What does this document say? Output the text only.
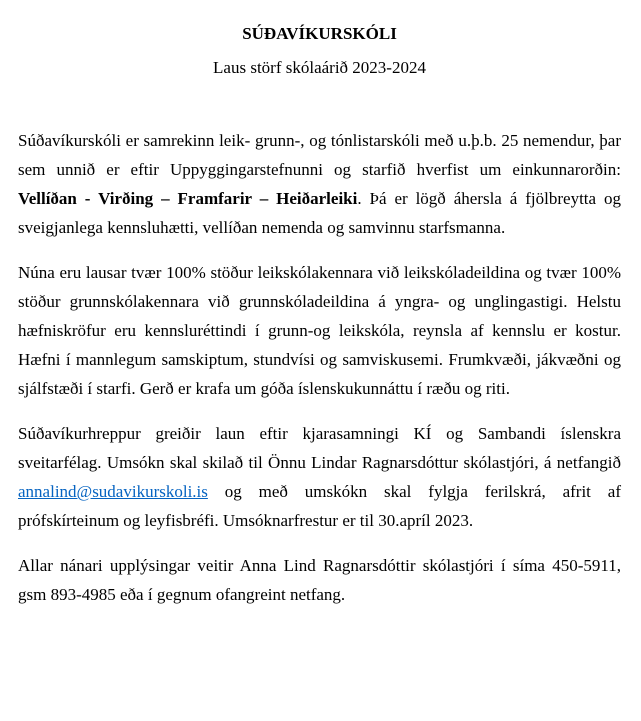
SÚÐAVÍKURSKÓLI

Laus störf skólaárið 2023-2024

Súðavíkurskóli er samrekinn leik- grunn-, og tónlistarskóli með u.þ.b. 25 nemendur, þar sem unnið er eftir Uppyggingarstefnunni og starfið hverfist um einkunnarorðin: Vellíðan - Virðing – Framfarir – Heiðarleiki. Þá er lögð áhersla á fjölbreytta og sveigjanlega kennsluhætti, vellíðan nemenda og samvinnu starfsmanna.

Núna eru lausar tvær 100% stöður leikskólakennara við leikskóladeildina og tvær 100% stöður grunnskólakennara við grunnskóladeildina á yngra- og unglingastigi. Helstu hæfniskröfur eru kennsluréttindi í grunn-og leikskóla, reynsla af kennslu er kostur. Hæfni í mannlegum samskiptum, stundvísi og samviskusemi. Frumkvæði, jákvæðni og sjálfstæði í starfi. Gerð er krafa um góða íslenskukunnáttu í ræðu og riti.

Súðavíkurhreppur greiðir laun eftir kjarasamningi KÍ og Sambandi íslenskra sveitarfélag. Umsókn skal skilað til Önnu Lindar Ragnarsdóttur skólastjóri, á netfangið annalind@sudavikurskoli.is og með umskókn skal fylgja ferilskrá, afrit af prófskírteinum og leyfisbréfi. Umsóknarfrestur er til 30.apríl 2023.

Allar nánari upplýsingar veitir Anna Lind Ragnarsdóttir skólastjóri í síma 450-5911, gsm 893-4985 eða í gegnum ofangreint netfang.
